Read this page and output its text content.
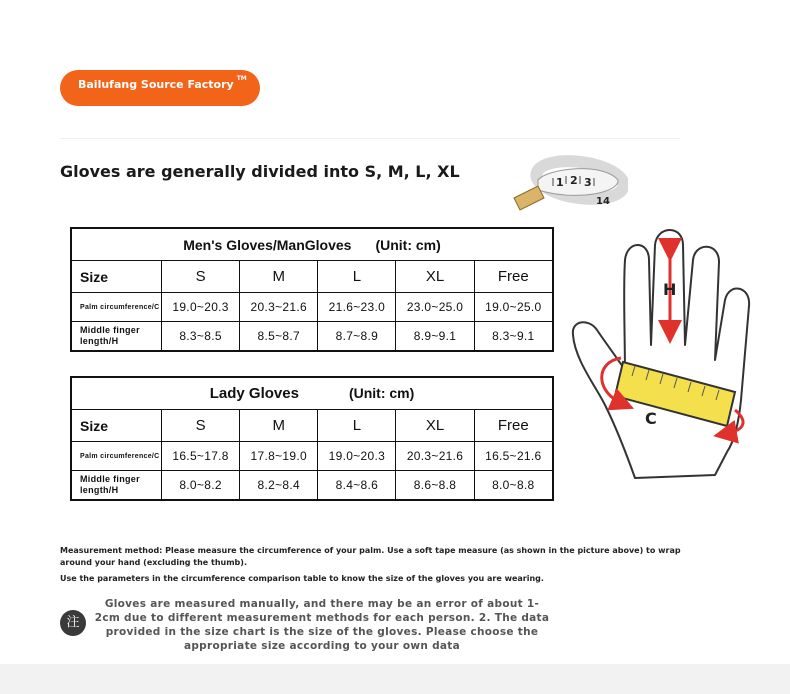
Bailufang Source Factory ™
Gloves are generally divided into S, M, L, XL
1 2 3
14
Men's Gloves/ManGloves (Unit: cm)					
Size	S	M	L	XL	Free
Palm circumference/C	19.0~20.3	20.3~21.6	21.6~23.0	23.0~25.0	19.0~25.0
Middle finger length/H	8.3~8.5	8.5~8.7	8.7~8.9	8.9~9.1	8.3~9.1
Lady Gloves (Unit: cm)					
Size	S	M	L	XL	Free
Palm circumference/C	16.5~17.8	17.8~19.0	19.0~20.3	20.3~21.6	16.5~21.6
Middle finger length/H	8.0~8.2	8.2~8.4	8.4~8.6	8.6~8.8	8.0~8.8
H
C

Measurement method: Please measure the circumference of your palm. Use a soft tape measure (as shown in the picture above) to wrap around your hand (excluding the thumb).

Use the parameters in the circumference comparison table to know the size of the gloves you are wearing.

注
Gloves are measured manually, and there may be an error of about 1-2cm due to different measurement methods for each person. 2. The data provided in the size chart is the size of the gloves. Please choose the appropriate size according to your own data
